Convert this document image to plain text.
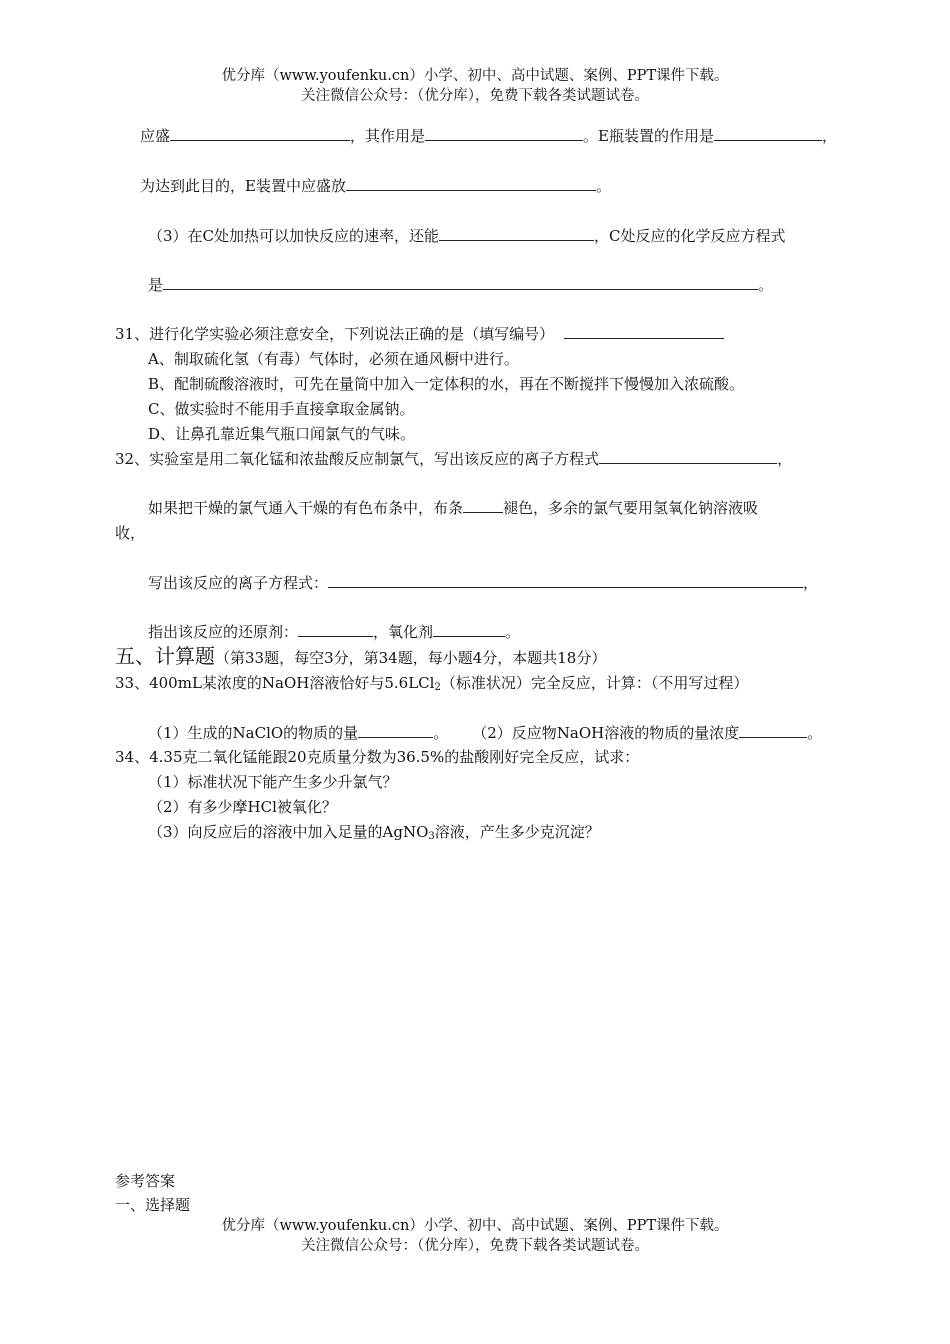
优分库（www.youfenku.cn）小学、初中、高中试题、案例、PPT课件下载。
关注微信公众号：（优分库），免费下载各类试题试卷。
应盛	，其作用是	。E瓶装置的作用是	，
为达到此目的，E装置中应盛放	。
（3）在C处加热可以加快反应的速率，还能	，C处反应的化学反应方程式
是	。
31、进行化学实验必须注意安全，下列说法正确的是（填写编号）
A、制取硫化氢（有毒）气体时，必须在通风橱中进行。
B、配制硫酸溶液时，可先在量筒中加入一定体积的水，再在不断搅拌下慢慢加入浓硫酸。
C、做实验时不能用手直接拿取金属钠。
D、让鼻孔靠近集气瓶口闻氯气的气味。
32、实验室是用二氧化锰和浓盐酸反应制氯气，写出该反应的离子方程式	，
如果把干燥的氯气通入干燥的有色布条中，布条	褪色，多余的氯气要用氢氧化钠溶液吸
收，
写出该反应的离子方程式：	，
指出该反应的还原剂：	，氧化剂	。
五、计算题（第33题，每空3分，第34题，每小题4分，本题共18分）
33、400mL某浓度的NaOH溶液恰好与5.6LCl$_2$（标准状况）完全反应，计算：（不用写过程）
（1）生成的NaClO的物质的量	。 （2）反应物NaOH溶液的物质的量浓度	。
34、4.35克二氧化锰能跟20克质量分数为36.5%的盐酸刚好完全反应，试求：
（1）标准状况下能产生多少升氯气？
（2）有多少摩HCl被氧化？
（3）向反应后的溶液中加入足量的AgNO$_3$溶液，产生多少克沉淀？
参考答案
一、选择题
优分库（www.youfenku.cn）小学、初中、高中试题、案例、PPT课件下载。
关注微信公众号：（优分库），免费下载各类试题试卷。
